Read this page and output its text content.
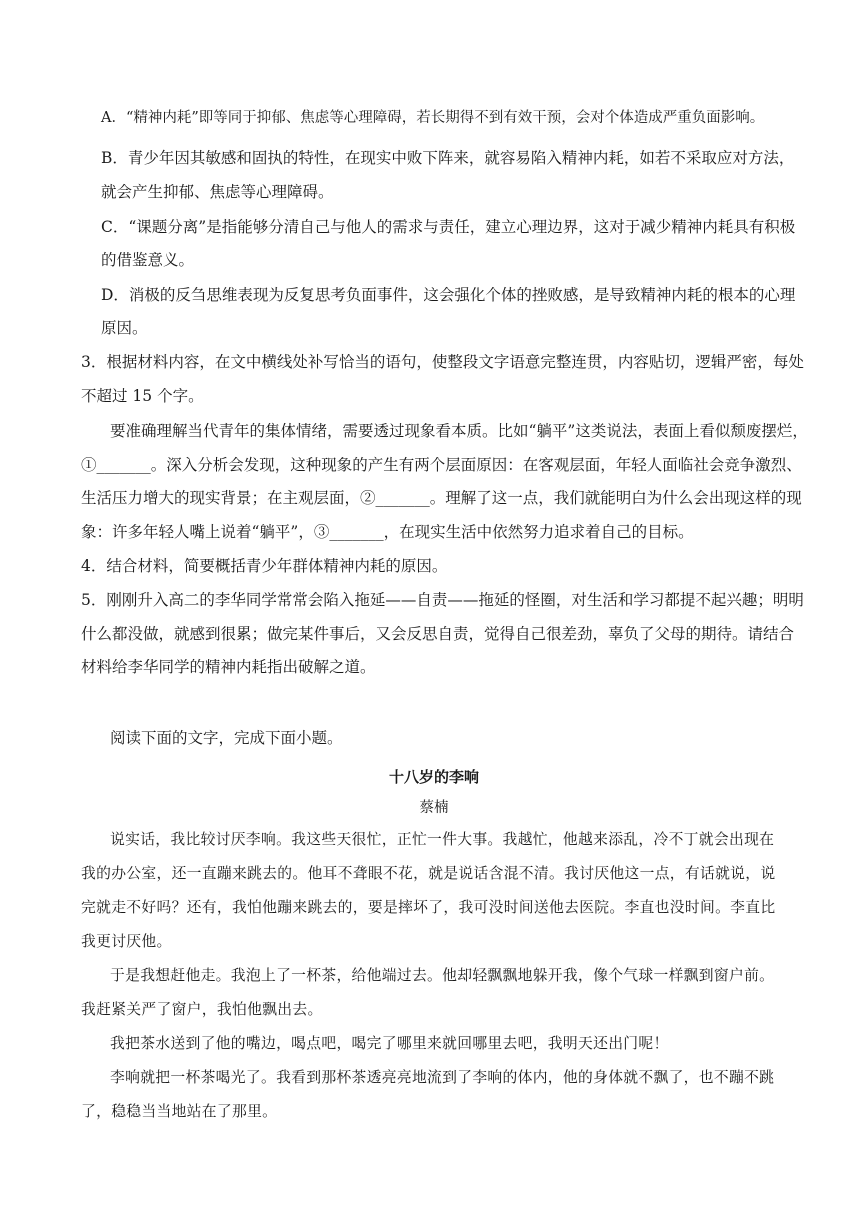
A．“精神内耗”即等同于抑郁、焦虑等心理障碍，若长期得不到有效干预，会对个体造成严重负面影响。
B．青少年因其敏感和固执的特性，在现实中败下阵来，就容易陷入精神内耗，如若不采取应对方法，
就会产生抑郁、焦虑等心理障碍。
C．“课题分离”是指能够分清自己与他人的需求与责任，建立心理边界，这对于减少精神内耗具有积极
的借鉴意义。
D．消极的反刍思维表现为反复思考负面事件，这会强化个体的挫败感，是导致精神内耗的根本的心理
原因。
3．根据材料内容，在文中横线处补写恰当的语句，使整段文字语意完整连贯，内容贴切，逻辑严密，每处
不超过 15 个字。
要准确理解当代青年的集体情绪，需要透过现象看本质。比如“躺平”这类说法，表面上看似颓废摆烂，
①_______。深入分析会发现，这种现象的产生有两个层面原因：在客观层面，年轻人面临社会竞争激烈、
生活压力增大的现实背景；在主观层面，②_______。理解了这一点，我们就能明白为什么会出现这样的现
象：许多年轻人嘴上说着“躺平”，③_______，在现实生活中依然努力追求着自己的目标。
4．结合材料，简要概括青少年群体精神内耗的原因。
5．刚刚升入高二的李华同学常常会陷入拖延——自责——拖延的怪圈，对生活和学习都提不起兴趣；明明
什么都没做，就感到很累；做完某件事后，又会反思自责，觉得自己很差劲，辜负了父母的期待。请结合
材料给李华同学的精神内耗指出破解之道。
阅读下面的文字，完成下面小题。
十八岁的李响
蔡楠
说实话，我比较讨厌李响。我这些天很忙，正忙一件大事。我越忙，他越来添乱，冷不丁就会出现在
我的办公室，还一直蹦来跳去的。他耳不聋眼不花，就是说话含混不清。我讨厌他这一点，有话就说，说
完就走不好吗？还有，我怕他蹦来跳去的，要是摔坏了，我可没时间送他去医院。李直也没时间。李直比
我更讨厌他。
于是我想赶他走。我泡上了一杯茶，给他端过去。他却轻飘飘地躲开我，像个气球一样飘到窗户前。
我赶紧关严了窗户，我怕他飘出去。
我把茶水送到了他的嘴边，喝点吧，喝完了哪里来就回哪里去吧，我明天还出门呢！
李响就把一杯茶喝光了。我看到那杯茶透亮亮地流到了李响的体内，他的身体就不飘了，也不蹦不跳
了，稳稳当当地站在了那里。
